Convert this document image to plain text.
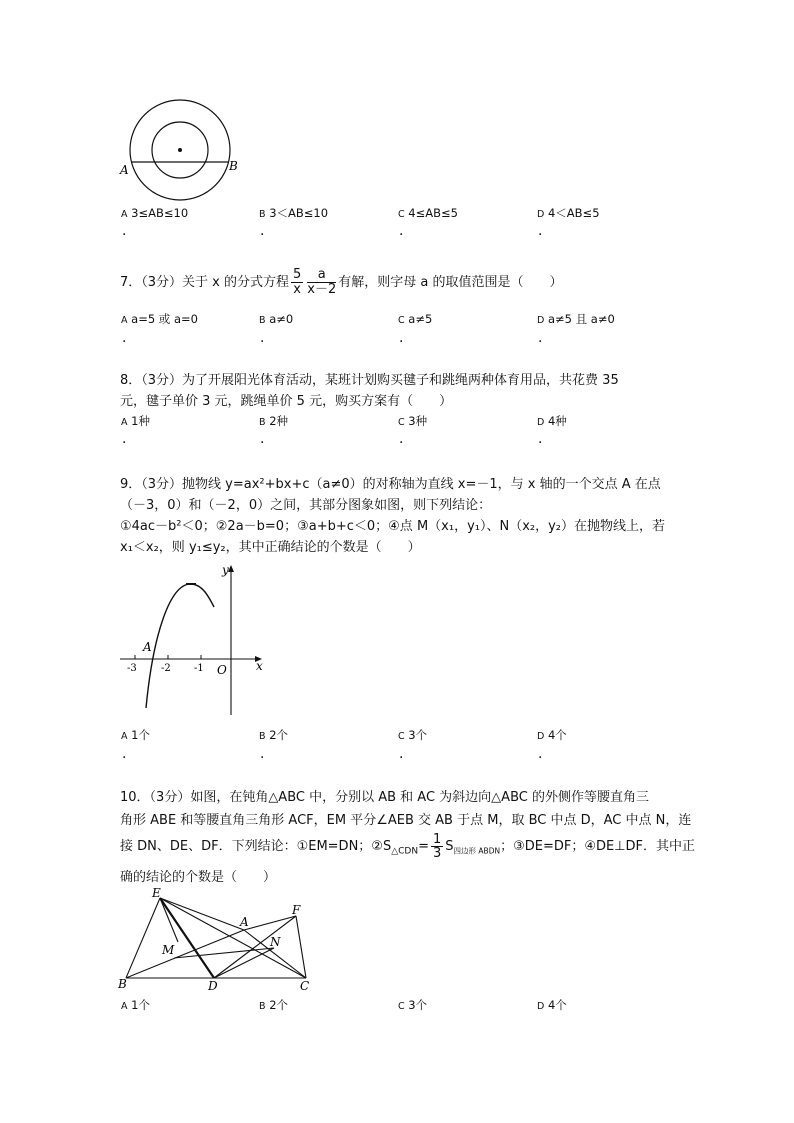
A	B
A 3≤AB≤10	B 3＜AB≤10	C 4≤AB≤5	D 4＜AB≤5
.	.	.	.
7．（3分）关于 x 的分式方程 $\frac{5}{x} \frac{a}{x-2}$ 有解，则字母 a 的取值范围是（　　）
A a=5 或 a=0	B a≠0	C a≠5	D a≠5 且 a≠0
.	.	.	.
8．（3分）为了开展阳光体育活动，某班计划购买毽子和跳绳两种体育用品，共花费 35
元，毽子单价 3 元，跳绳单价 5 元，购买方案有（　　）
A 1种	B 2种	C 3种	D 4种
.	.	.	.
9．（3分）抛物线 y=ax²+bx+c（a≠0）的对称轴为直线 x=－1，与 x 轴的一个交点 A 在点
（－3，0）和（－2，0）之间，其部分图象如图，则下列结论：
①4ac－b²＜0；②2a－b=0；③a+b+c＜0；④点 M（x₁，y₁）、N（x₂，y₂）在抛物线上，若
x₁＜x₂，则 y₁≤y₂，其中正确结论的个数是（　　）
y
x
O
A
-3 -2 -1
A 1个	B 2个	C 3个	D 4个
.	.	.	.
10．（3分）如图，在钝角△ABC 中，分别以 AB 和 AC 为斜边向△ABC 的外侧作等腰直角三
角形 ABE 和等腰直角三角形 ACF，EM 平分∠AEB 交 AB 于点 M，取 BC 中点 D，AC 中点 N，连
接 DN、DE、DF．下列结论：①EM=DN；$②S_{\triangle CDN}= \frac{1}{3} S_{四边形 ABDN}$；③DE=DF；④DE⊥DF．其中正
确的结论的个数是（　　）
E
A
F
M
N
B	D	C
A 1个	B 2个	C 3个	D 4个
